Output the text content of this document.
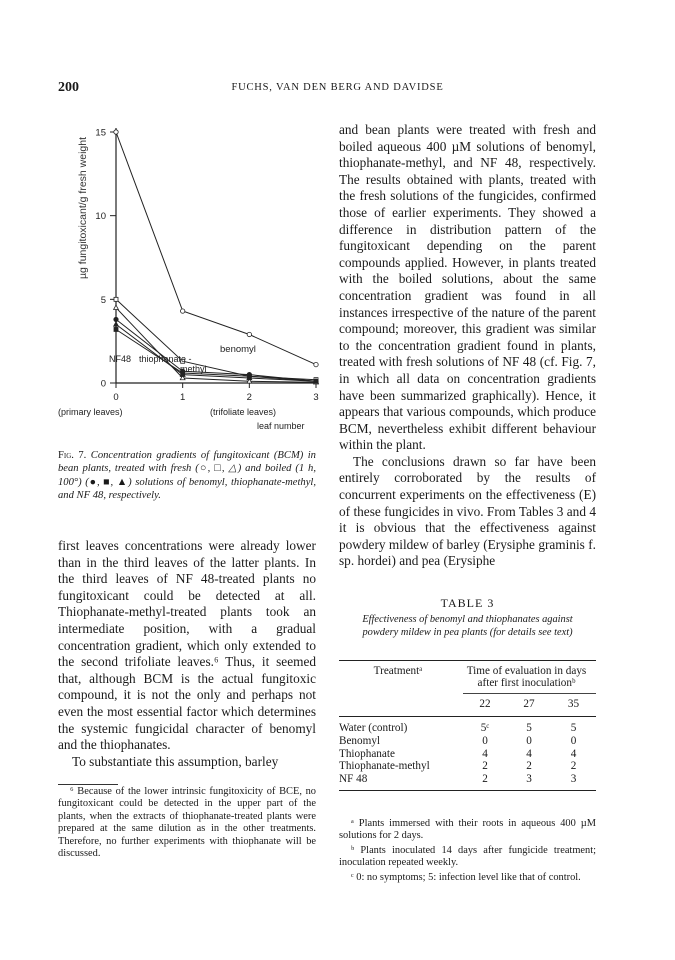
200	FUCHS, VAN DEN BERG AND DAVIDSE
0
5
10
15
0	1	2	3
µg fungitoxicant/g fresh weight
benomyl
NF48 thiophanate -
methyl
(primary leaves)	(trifoliate leaves)
leaf number
Fig. 7. Concentration gradients of fungitoxicant (BCM) in bean plants, treated with fresh (○, □, △) and boiled (1 h, 100°) (●, ■, ▲) solutions of benomyl, thiophanate-methyl, and NF 48, respectively.

first leaves concentrations were already lower than in the third leaves of the latter plants. In the third leaves of NF 48-treated plants no fungitoxicant could be detected at all. Thiophanate-methyl-treated plants took an intermediate position, with a gradual concentration gradient, which only extended to the second trifoliate leaves.⁶ Thus, it seemed that, although BCM is the actual fungitoxic compound, it is not the only and perhaps not even the most essential factor which determines the systemic fungicidal character of benomyl and the thiophanates.

To substantiate this assumption, barley

⁶ Because of the lower intrinsic fungitoxicity of BCE, no fungitoxicant could be detected in the upper part of the plants, when the extracts of thiophanate-treated plants were prepared at the same dilution as in the other treatments. Therefore, no further experiments with thiophanate will be discussed.

and bean plants were treated with fresh and boiled aqueous 400 µM solutions of benomyl, thiophanate-methyl, and NF 48, respectively. The results obtained with plants, treated with the fresh solutions of the fungicides, confirmed those of earlier experiments. They showed a difference in distribution pattern of the fungitoxicant depending on the parent compounds applied. However, in plants treated with the boiled solutions, about the same concentration gradient was found in all instances irrespective of the nature of the parent compound; moreover, this gradient was similar to the concentration gradient found in plants, treated with fresh solutions of NF 48 (cf. Fig. 7, in which all data on concentration gradients have been summarized graphically). Hence, it appears that various compounds, which produce BCM, nevertheless exhibit different behaviour within the plant.

The conclusions drawn so far have been entirely corroborated by the results of concurrent experiments on the effectiveness (E) of these fungicides in vivo. From Tables 3 and 4 it is obvious that the effectiveness against powdery mildew of barley (Erysiphe graminis f. sp. hordei) and pea (Erysiphe

TABLE 3
Effectiveness of benomyl and thiophanates against powdery mildew in pea plants (for details see text)
Treatmentᵃ	Time of evaluation in days after first inoculationᵇ
	22	27	35
Water (control)	5ᶜ	5	5
Benomyl	0	0	0
Thiophanate	4	4	4
Thiophanate-methyl	2	2	2
NF 48	2	3	3
ᵃ Plants immersed with their roots in aqueous 400 µM solutions for 2 days.
ᵇ Plants inoculated 14 days after fungicide treatment; inoculation repeated weekly.
ᶜ 0: no symptoms; 5: infection level like that of control.
